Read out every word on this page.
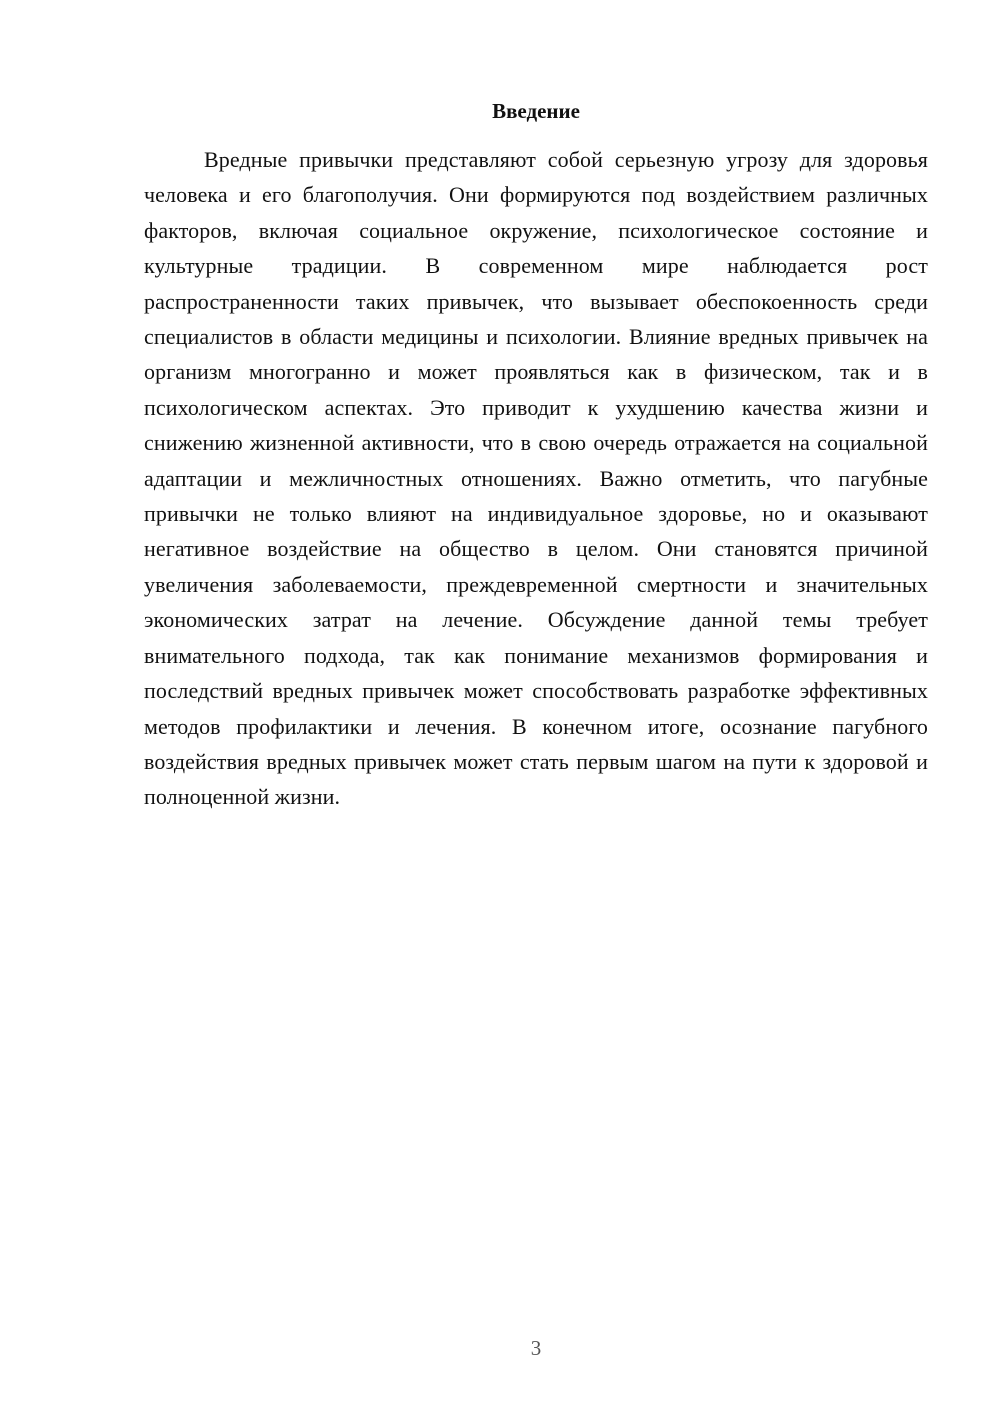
Введение

Вредные привычки представляют собой серьезную угрозу для здоровья человека и его благополучия. Они формируются под воздействием различных факторов, включая социальное окружение, психологическое состояние и культурные традиции. В современном мире наблюдается рост распространенности таких привычек, что вызывает обеспокоенность среди специалистов в области медицины и психологии. Влияние вредных привычек на организм многогранно и может проявляться как в физическом, так и в психологическом аспектах. Это приводит к ухудшению качества жизни и снижению жизненной активности, что в свою очередь отражается на социальной адаптации и межличностных отношениях. Важно отметить, что пагубные привычки не только влияют на индивидуальное здоровье, но и оказывают негативное воздействие на общество в целом. Они становятся причиной увеличения заболеваемости, преждевременной смертности и значительных экономических затрат на лечение. Обсуждение данной темы требует внимательного подхода, так как понимание механизмов формирования и последствий вредных привычек может способствовать разработке эффективных методов профилактики и лечения. В конечном итоге, осознание пагубного воздействия вредных привычек может стать первым шагом на пути к здоровой и полноценной жизни.

3
